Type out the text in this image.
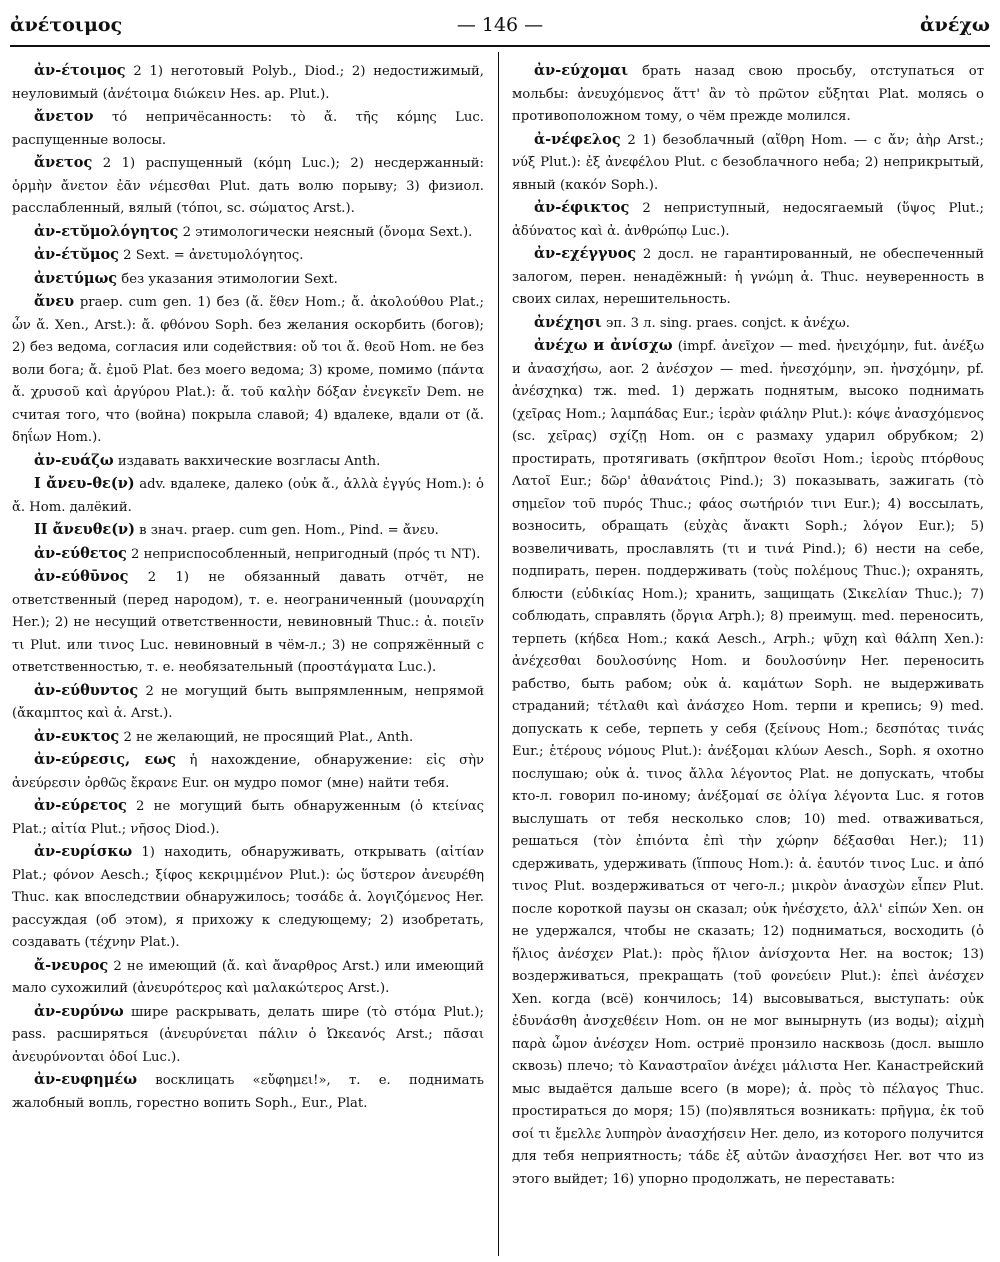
ἀνέτοιμος	— 146 —	ἀνέχω

ἀν-έτοιμος 2 1) неготовый Polyb., Diod.; 2) недостижимый, неуловимый (ἀνέτοιμα διώκειν Hes. ap. Plut.).

ἄνετον τό непричёсанность: τὸ ἄ. τῆς κόμης Luc. распущенные волосы.

ἄνετος 2 1) распущенный (κόμη Luc.); 2) несдержанный: ὁρμὴν ἄνετον ἐᾶν νέμεσθαι Plut. дать волю порыву; 3) физиол. расслабленный, вялый (τόποι, sc. σώματος Arst.).

ἀν-ετῠμολόγητος 2 этимологически неясный (ὄνομα Sext.).

ἀν-έτῠμος 2 Sext. = ἀνετυμολόγητος.

ἀνετύμως без указания этимологии Sext.

ἄνευ praep. cum gen. 1) без (ἄ. ἕθεν Hom.; ἄ. ἀκολούθου Plat.; ὧν ἄ. Xen., Arst.): ἄ. φθόνου Soph. без желания оскорбить (богов); 2) без ведома, согласия или содействия: οὔ τοι ἄ. θεοῦ Hom. не без воли бога; ἄ. ἐμοῦ Plat. без моего ведома; 3) кроме, помимо (πάντα ἄ. χρυσοῦ καὶ ἀργύρου Plat.): ἄ. τοῦ καλὴν δόξαν ἐνεγκεῖν Dem. не считая того, что (война) покрыла славой; 4) вдалеке, вдали от (ἄ. δηΐων Hom.).

ἀν-ευάζω издавать вакхические возгласы Anth.

I ἄνευ-θε(ν) adv. вдалеке, далеко (οὐκ ἄ., ἀλλὰ ἐγγύς Hom.): ὁ ἄ. Hom. далёкий.

II ἄνευθε(ν) в знач. praep. cum gen. Hom., Pind. = ἄνευ.

ἀν-εύθετος 2 неприспособленный, непригодный (πρός τι NT).

ἀν-εύθῡνος 2 1) не обязанный давать отчёт, не ответственный (перед народом), т. е. неограниченный (μουναρχίη Her.); 2) не несущий ответственности, невиновный Thuc.: ἀ. ποιεῖν τι Plut. или τινος Luc. невиновный в чём-л.; 3) не сопряжённый с ответственностью, т. е. необязательный (προστάγματα Luc.).

ἀν-εύθυντος 2 не могущий быть выпрямленным, непрямой (ἄκαμπτος καὶ ἀ. Arst.).

ἀν-ευκτος 2 не желающий, не просящий Plat., Anth.

ἀν-εύρεσις, εως ἡ нахождение, обнаружение: εἰς σὴν ἀνεύρεσιν ὀρθῶς ἔκρανε Eur. он мудро помог (мне) найти тебя.

ἀν-εύρετος 2 не могущий быть обнаруженным (ὁ κτείνας Plat.; αἰτία Plut.; νῆσος Diod.).

ἀν-ευρίσκω 1) находить, обнаруживать, открывать (αἰτίαν Plat.; φόνον Aesch.; ξίφος κεκριμμένον Plut.): ὡς ὕστερον ἀνευρέθη Thuc. как впоследствии обнаружилось; τοσάδε ἀ. λογιζόμενος Her. рассуждая (об этом), я прихожу к следующему; 2) изобретать, создавать (τέχνην Plat.).

ἄ-νευρος 2 не имеющий (ἄ. καὶ ἄναρθρος Arst.) или имеющий мало сухожилий (ἀνευρότερος καὶ μαλακώτερος Arst.).

ἀν-ευρύνω шире раскрывать, делать шире (τὸ στόμα Plut.); pass. расширяться (ἀνευρύνεται πάλιν ὁ Ὠκεανός Arst.; πᾶσαι ἀνευρύνονται ὁδοί Luc.).

ἀν-ευφημέω восклицать «εὔφημει!», т. е. поднимать жалобный вопль, горестно вопить Soph., Eur., Plat.

ἀν-εύχομαι брать назад свою просьбу, отступаться от мольбы: ἀνευχόμενος ἅττ' ἂν τὸ πρῶτον εὔξηται Plat. молясь о противоположном тому, о чём прежде молился.

ἀ-νέφελος 2 1) безоблачный (αἴθρη Hom. — с ἄν; ἀὴρ Arst.; νύξ Plut.): ἐξ ἀνεφέλου Plut. с безоблачного неба; 2) неприкрытый, явный (κακόν Soph.).

ἀν-έφικτος 2 неприступный, недосягаемый (ὕψος Plut.; ἀδύνατος καὶ ἀ. ἀνθρώπῳ Luc.).

ἀν-εχέγγυος 2 досл. не гарантированный, не обеспеченный залогом, перен. ненадёжный: ἡ γνώμη ἀ. Thuc. неуверенность в своих силах, нерешительность.

ἀνέχησι эп. 3 л. sing. praes. conjct. к ἀνέχω.

ἀνέχω и ἀνίσχω (impf. ἀνεῖχον — med. ἠνειχόμην, fut. ἀνέξω и ἀνασχήσω, aor. 2 ἀνέσχον — med. ἠνεσχόμην, эп. ἠνσχόμην, pf. ἀνέσχηκα) тж. med. 1) держать поднятым, высоко поднимать (χεῖρας Hom.; λαμπάδας Eur.; ἱερὰν φιάλην Plut.): κόψε ἀνασχόμενος (sc. χεῖρας) σχίζῃ Hom. он с размаху ударил обрубком; 2) простирать, протягивать (σκῆπτρον θεοῖσι Hom.; ἱεροὺς πτόρθους Λατοῖ Eur.; δῶρ' ἀθανάτοις Pind.); 3) показывать, зажигать (τὸ σημεῖον τοῦ πυρός Thuc.; φάος σωτήριόν τινι Eur.); 4) воссылать, возносить, обращать (εὐχὰς ἄνακτι Soph.; λόγον Eur.); 5) возвеличивать, прославлять (τι и τινά Pind.); 6) нести на себе, подпирать, перен. поддерживать (τοὺς πολέμους Thuc.); охранять, блюсти (εὐδικίας Hom.); хранить, защищать (Σικελίαν Thuc.); 7) соблюдать, справлять (ὄργια Arph.); 8) преимущ. med. переносить, терпеть (κήδεα Hom.; κακά Aesch., Arph.; ψῦχη καὶ θάλπη Xen.): ἀνέχεσθαι δουλοσύνης Hom. и δουλοσύνην Her. переносить рабство, быть рабом; οὐκ ἀ. καμάτων Soph. не выдерживать страданий; τέτλαθι καὶ ἀνάσχεο Hom. терпи и крепись; 9) med. допускать к себе, терпеть у себя (ξείνους Hom.; δεσπότας τινάς Eur.; ἑτέρους νόμους Plut.): ἀνέξομαι κλύων Aesch., Soph. я охотно послушаю; οὐκ ἀ. τινος ἄλλα λέγοντος Plat. не допускать, чтобы кто-л. говорил по-иному; ἀνέξομαί σε ὀλίγα λέγοντα Luc. я готов выслушать от тебя несколько слов; 10) med. отваживаться, решаться (τὸν ἐπιόντα ἐπὶ τὴν χώρην δέξασθαι Her.); 11) сдерживать, удерживать (ἵππους Hom.): ἀ. ἑαυτόν τινος Luc. и ἀπό τινος Plut. воздерживаться от чего-л.; μικρὸν ἀνασχὼν εἶπεν Plut. после короткой паузы он сказал; οὐκ ἠνέσχετο, ἀλλ' εἰπών Xen. он не удержался, чтобы не сказать; 12) подниматься, восходить (ὁ ἥλιος ἀνέσχεν Plat.): πρὸς ἥλιον ἀνίσχοντα Her. на восток; 13) воздерживаться, прекращать (τοῦ φονεύειν Plut.): ἐπεὶ ἀνέσχεν Xen. когда (всё) кончилось; 14) высовываться, выступать: οὐκ ἐδυνάσθη ἀνσχεθέειν Hom. он не мог вынырнуть (из воды); αἰχμὴ παρὰ ὦμον ἀνέσχεν Hom. остриё пронзило насквозь (досл. вышло сквозь) плечо; τὸ Καναστραῖον ἀνέχει μάλιστα Her. Канастрейский мыс выдаётся дальше всего (в море); ἀ. πρὸς τὸ πέλαγος Thuc. простираться до моря; 15) (по)являться возникать: πρῆγμα, ἐκ τοῦ σοί τι ἔμελλε λυπηρὸν ἀνασχήσειν Her. дело, из которого получится для тебя неприятность; τάδε ἐξ αὐτῶν ἀνασχήσει Her. вот что из этого выйдет; 16) упорно продолжать, не переставать:
